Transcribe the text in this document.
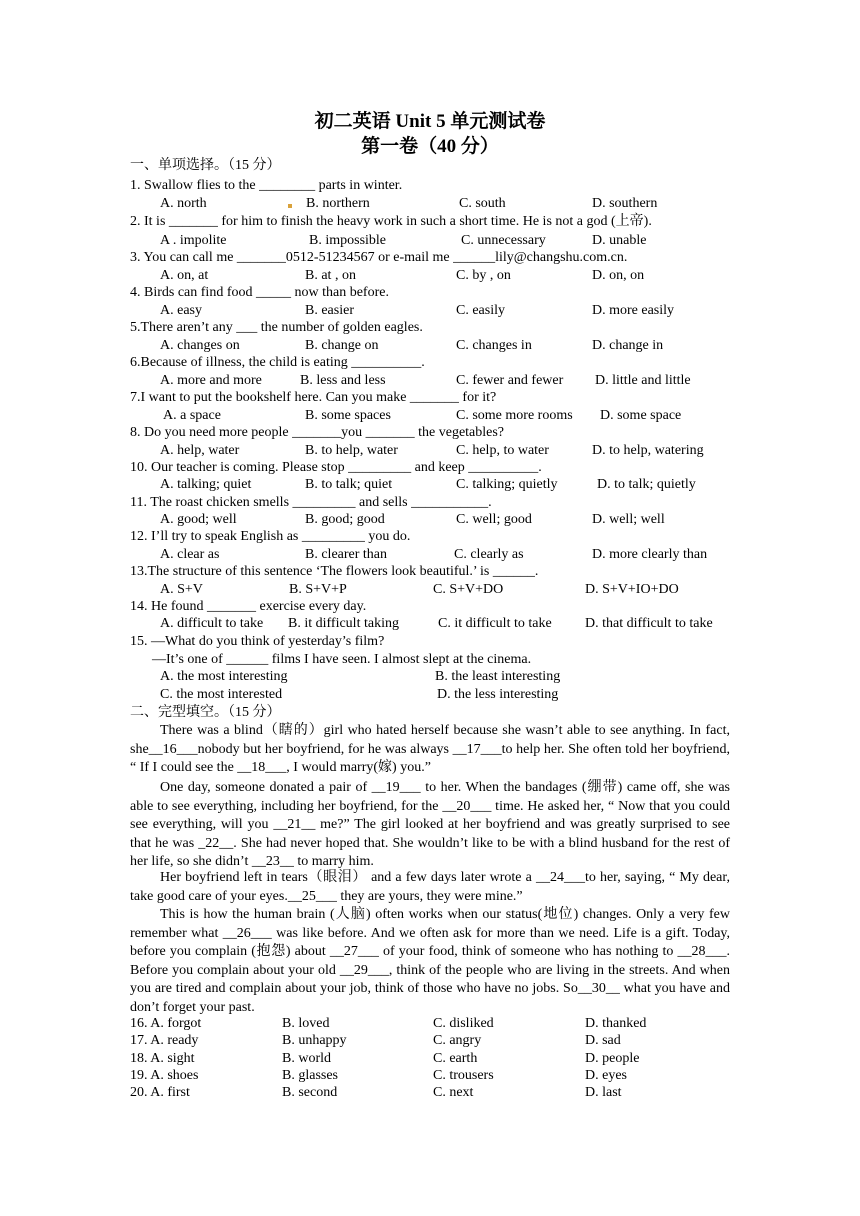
初二英语 Unit 5 单元测试卷
第一卷（40 分）
一、单项选择。（15 分）
1. Swallow flies to the ________ parts in winter.
A. north	B. northern	C. south	D. southern
2. It is _______ for him to finish the heavy work in such a short time. He is not a god (上帝).
A . impolite	B. impossible	C. unnecessary	D. unable
3. You can call me _______0512-51234567 or e-mail me ______lily@changshu.com.cn.
A. on, at	B. at , on	C. by , on	D. on, on
4. Birds can find food _____ now than before.
A. easy	B. easier	C. easily	D. more easily
5.There aren’t any ___ the number of golden eagles.
A. changes on	B. change on	C. changes in	D. change in
6.Because of illness, the child is eating __________.
A. more and more	B. less and less	C. fewer and fewer D. little and little
7.I want to put the bookshelf here. Can you make _______ for it?
A. a space	B. some spaces	C. some more rooms D. some space
8. Do you need more people _______you _______ the vegetables?
A. help, water	B. to help, water	C. help, to water	D. to help, watering
10. Our teacher is coming. Please stop _________ and keep __________.
A. talking; quiet	B. to talk; quiet	C. talking; quietly	D. to talk; quietly
11. The roast chicken smells _________ and sells ___________.
A. good; well	B. good; good	C. well; good	D. well; well
12. I’ll try to speak English as _________ you do.
A. clear as	B. clearer than	C. clearly as	D. more clearly than
13.The structure of this sentence ‘The flowers look beautiful.’ is ______.
A. S+V	B. S+V+P	C. S+V+DO	D. S+V+IO+DO
14. He found _______ exercise every day.
A. difficult to take B. it difficult taking	C. it difficult to take D. that difficult to take
15. —What do you think of yesterday’s film?
—It’s one of ______ films I have seen. I almost slept at the cinema.
A. the most interesting	B. the least interesting
C. the most interested	D. the less interesting
二、完型填空。（15 分）
There was a blind（瞎的）girl who hated herself because she wasn’t able to see anything. In fact, she__16___nobody but her boyfriend, for he was always __17___to help her. She often told her boyfriend, “ If I could see the __18___, I would marry(嫁) you.”
One day, someone donated a pair of __19___ to her. When the bandages (绷带) came off, she was able to see everything, including her boyfriend, for the __20___ time. He asked her, “ Now that you could see everything, will you __21__ me?” The girl looked at her boyfriend and was greatly surprised to see that he was _22__. She had never hoped that. She wouldn’t like to be with a blind husband for the rest of her life, so she didn’t __23__ to marry him.
Her boyfriend left in tears（眼泪） and a few days later wrote a __24___to her, saying, “ My dear, take good care of your eyes.__25___ they are yours, they were mine.”
This is how the human brain (人脑) often works when our status(地位) changes. Only a very few remember what __26___ was like before. And we often ask for more than we need. Life is a gift. Today, before you complain (抱怨) about __27___ of your food, think of someone who has nothing to __28___. Before you complain about your old __29___, think of the people who are living in the streets. And when you are tired and complain about your job, think of those who have no jobs. So__30__ what you have and don’t forget your past.
16. A. forgot	B. loved	C. disliked	D. thanked
17. A. ready	B. unhappy	C. angry	D. sad
18. A. sight	B. world	C. earth	D. people
19. A. shoes	B. glasses	C. trousers	D. eyes
20. A. first	B. second	C. next	D. last
